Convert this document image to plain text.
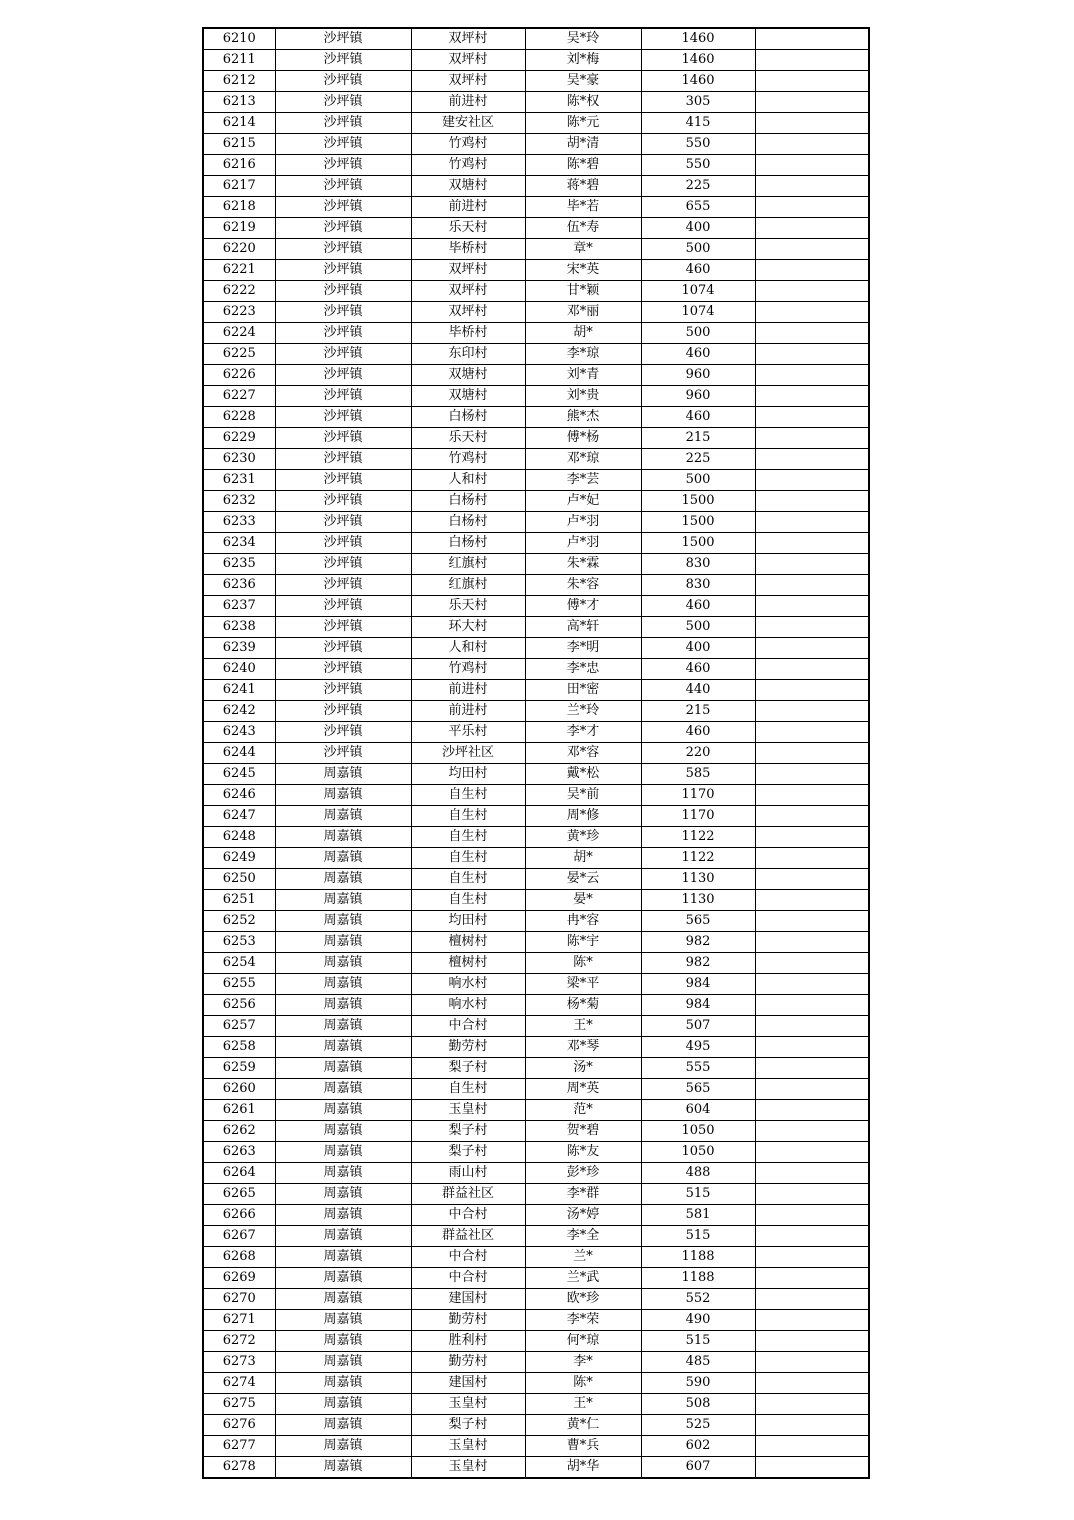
6210	沙坪镇	双坪村	吴*玲	1460	
6211	沙坪镇	双坪村	刘*梅	1460	
6212	沙坪镇	双坪村	吴*豪	1460	
6213	沙坪镇	前进村	陈*权	305	
6214	沙坪镇	建安社区	陈*元	415	
6215	沙坪镇	竹鸡村	胡*清	550	
6216	沙坪镇	竹鸡村	陈*碧	550	
6217	沙坪镇	双塘村	蒋*碧	225	
6218	沙坪镇	前进村	毕*若	655	
6219	沙坪镇	乐天村	伍*寿	400	
6220	沙坪镇	毕桥村	章*	500	
6221	沙坪镇	双坪村	宋*英	460	
6222	沙坪镇	双坪村	甘*颖	1074	
6223	沙坪镇	双坪村	邓*丽	1074	
6224	沙坪镇	毕桥村	胡*	500	
6225	沙坪镇	东印村	李*琼	460	
6226	沙坪镇	双塘村	刘*青	960	
6227	沙坪镇	双塘村	刘*贵	960	
6228	沙坪镇	白杨村	熊*杰	460	
6229	沙坪镇	乐天村	傅*杨	215	
6230	沙坪镇	竹鸡村	邓*琼	225	
6231	沙坪镇	人和村	李*芸	500	
6232	沙坪镇	白杨村	卢*妃	1500	
6233	沙坪镇	白杨村	卢*羽	1500	
6234	沙坪镇	白杨村	卢*羽	1500	
6235	沙坪镇	红旗村	朱*霖	830	
6236	沙坪镇	红旗村	朱*容	830	
6237	沙坪镇	乐天村	傅*才	460	
6238	沙坪镇	环大村	高*轩	500	
6239	沙坪镇	人和村	李*明	400	
6240	沙坪镇	竹鸡村	李*忠	460	
6241	沙坪镇	前进村	田*密	440	
6242	沙坪镇	前进村	兰*玲	215	
6243	沙坪镇	平乐村	李*才	460	
6244	沙坪镇	沙坪社区	邓*容	220	
6245	周嘉镇	均田村	戴*松	585	
6246	周嘉镇	自生村	吴*前	1170	
6247	周嘉镇	自生村	周*修	1170	
6248	周嘉镇	自生村	黄*珍	1122	
6249	周嘉镇	自生村	胡*	1122	
6250	周嘉镇	自生村	晏*云	1130	
6251	周嘉镇	自生村	晏*	1130	
6252	周嘉镇	均田村	冉*容	565	
6253	周嘉镇	檀树村	陈*宇	982	
6254	周嘉镇	檀树村	陈*	982	
6255	周嘉镇	响水村	梁*平	984	
6256	周嘉镇	响水村	杨*菊	984	
6257	周嘉镇	中合村	王*	507	
6258	周嘉镇	勤劳村	邓*琴	495	
6259	周嘉镇	梨子村	汤*	555	
6260	周嘉镇	自生村	周*英	565	
6261	周嘉镇	玉皇村	范*	604	
6262	周嘉镇	梨子村	贺*碧	1050	
6263	周嘉镇	梨子村	陈*友	1050	
6264	周嘉镇	雨山村	彭*珍	488	
6265	周嘉镇	群益社区	李*群	515	
6266	周嘉镇	中合村	汤*婷	581	
6267	周嘉镇	群益社区	李*全	515	
6268	周嘉镇	中合村	兰*	1188	
6269	周嘉镇	中合村	兰*武	1188	
6270	周嘉镇	建国村	欧*珍	552	
6271	周嘉镇	勤劳村	李*荣	490	
6272	周嘉镇	胜利村	何*琼	515	
6273	周嘉镇	勤劳村	李*	485	
6274	周嘉镇	建国村	陈*	590	
6275	周嘉镇	玉皇村	王*	508	
6276	周嘉镇	梨子村	黄*仁	525	
6277	周嘉镇	玉皇村	曹*兵	602	
6278	周嘉镇	玉皇村	胡*华	607	
